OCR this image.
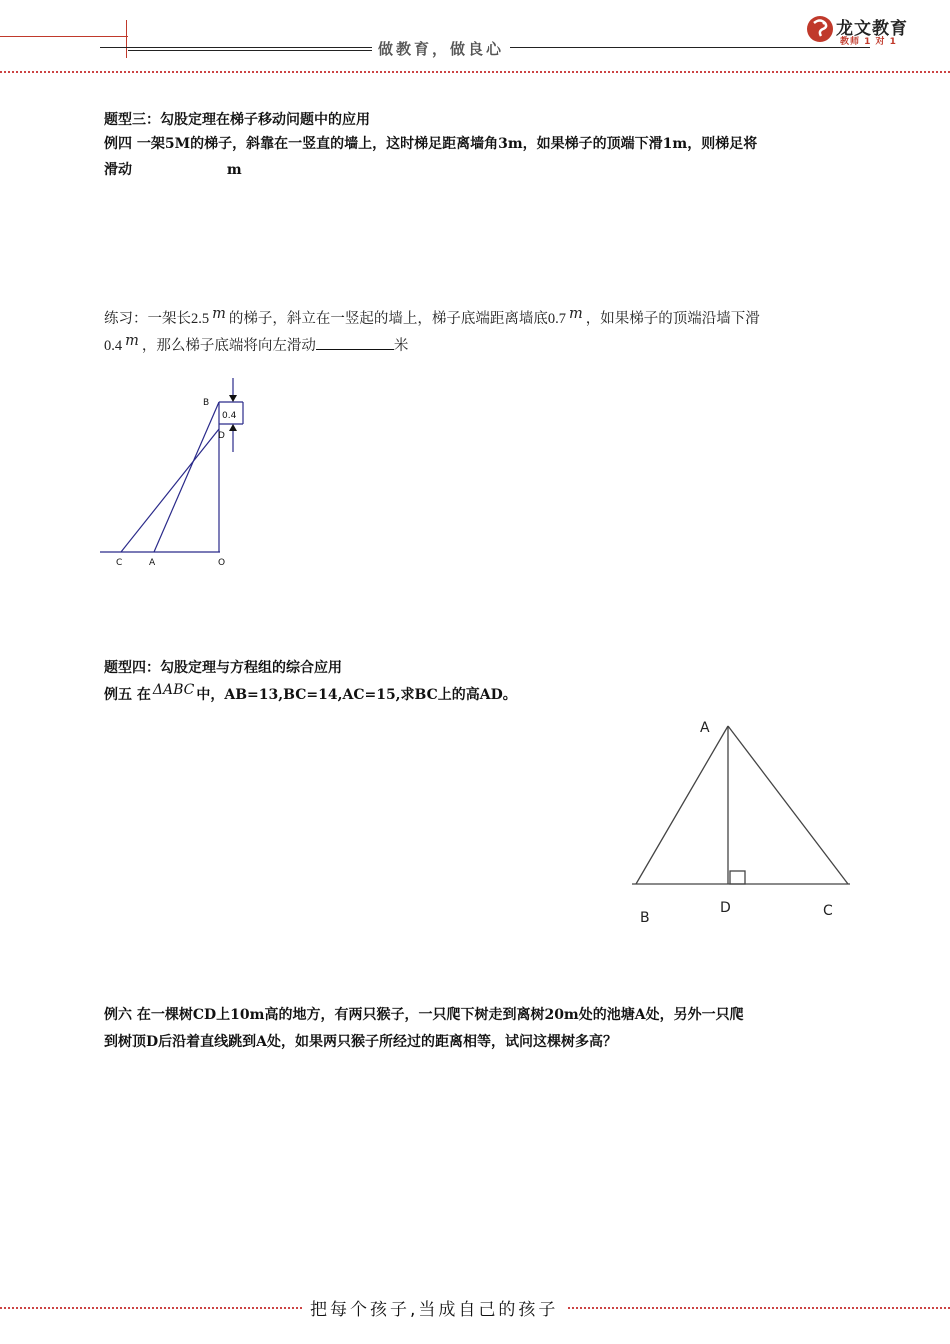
做教育，做良心
龙文教育
教师 1 对 1
题型三：勾股定理在梯子移动问题中的应用
例四 一架5M的梯子，斜靠在一竖直的墙上，这时梯足距离墙角3m，如果梯子的顶端下滑1m，则梯足将
滑动	m
练习：一架长2.5 m 的梯子，斜立在一竖起的墙上，梯子底端距离墙底0.7 m ，如果梯子的顶端沿墙下滑
0.4 m ，那么梯子底端将向左滑动	米
B
0.4
D
C	A	O
题型四：勾股定理与方程组的综合应用
例五 在 ΔABC 中，AB=13,BC=14,AC=15,求BC上的高AD。
A
B
D	C
例六 在一棵树CD上10m高的地方，有两只猴子，一只爬下树走到离树20m处的池塘A处，另外一只爬
到树顶D后沿着直线跳到A处，如果两只猴子所经过的距离相等，试问这棵树多高？
把每个孩子,当成自己的孩子
